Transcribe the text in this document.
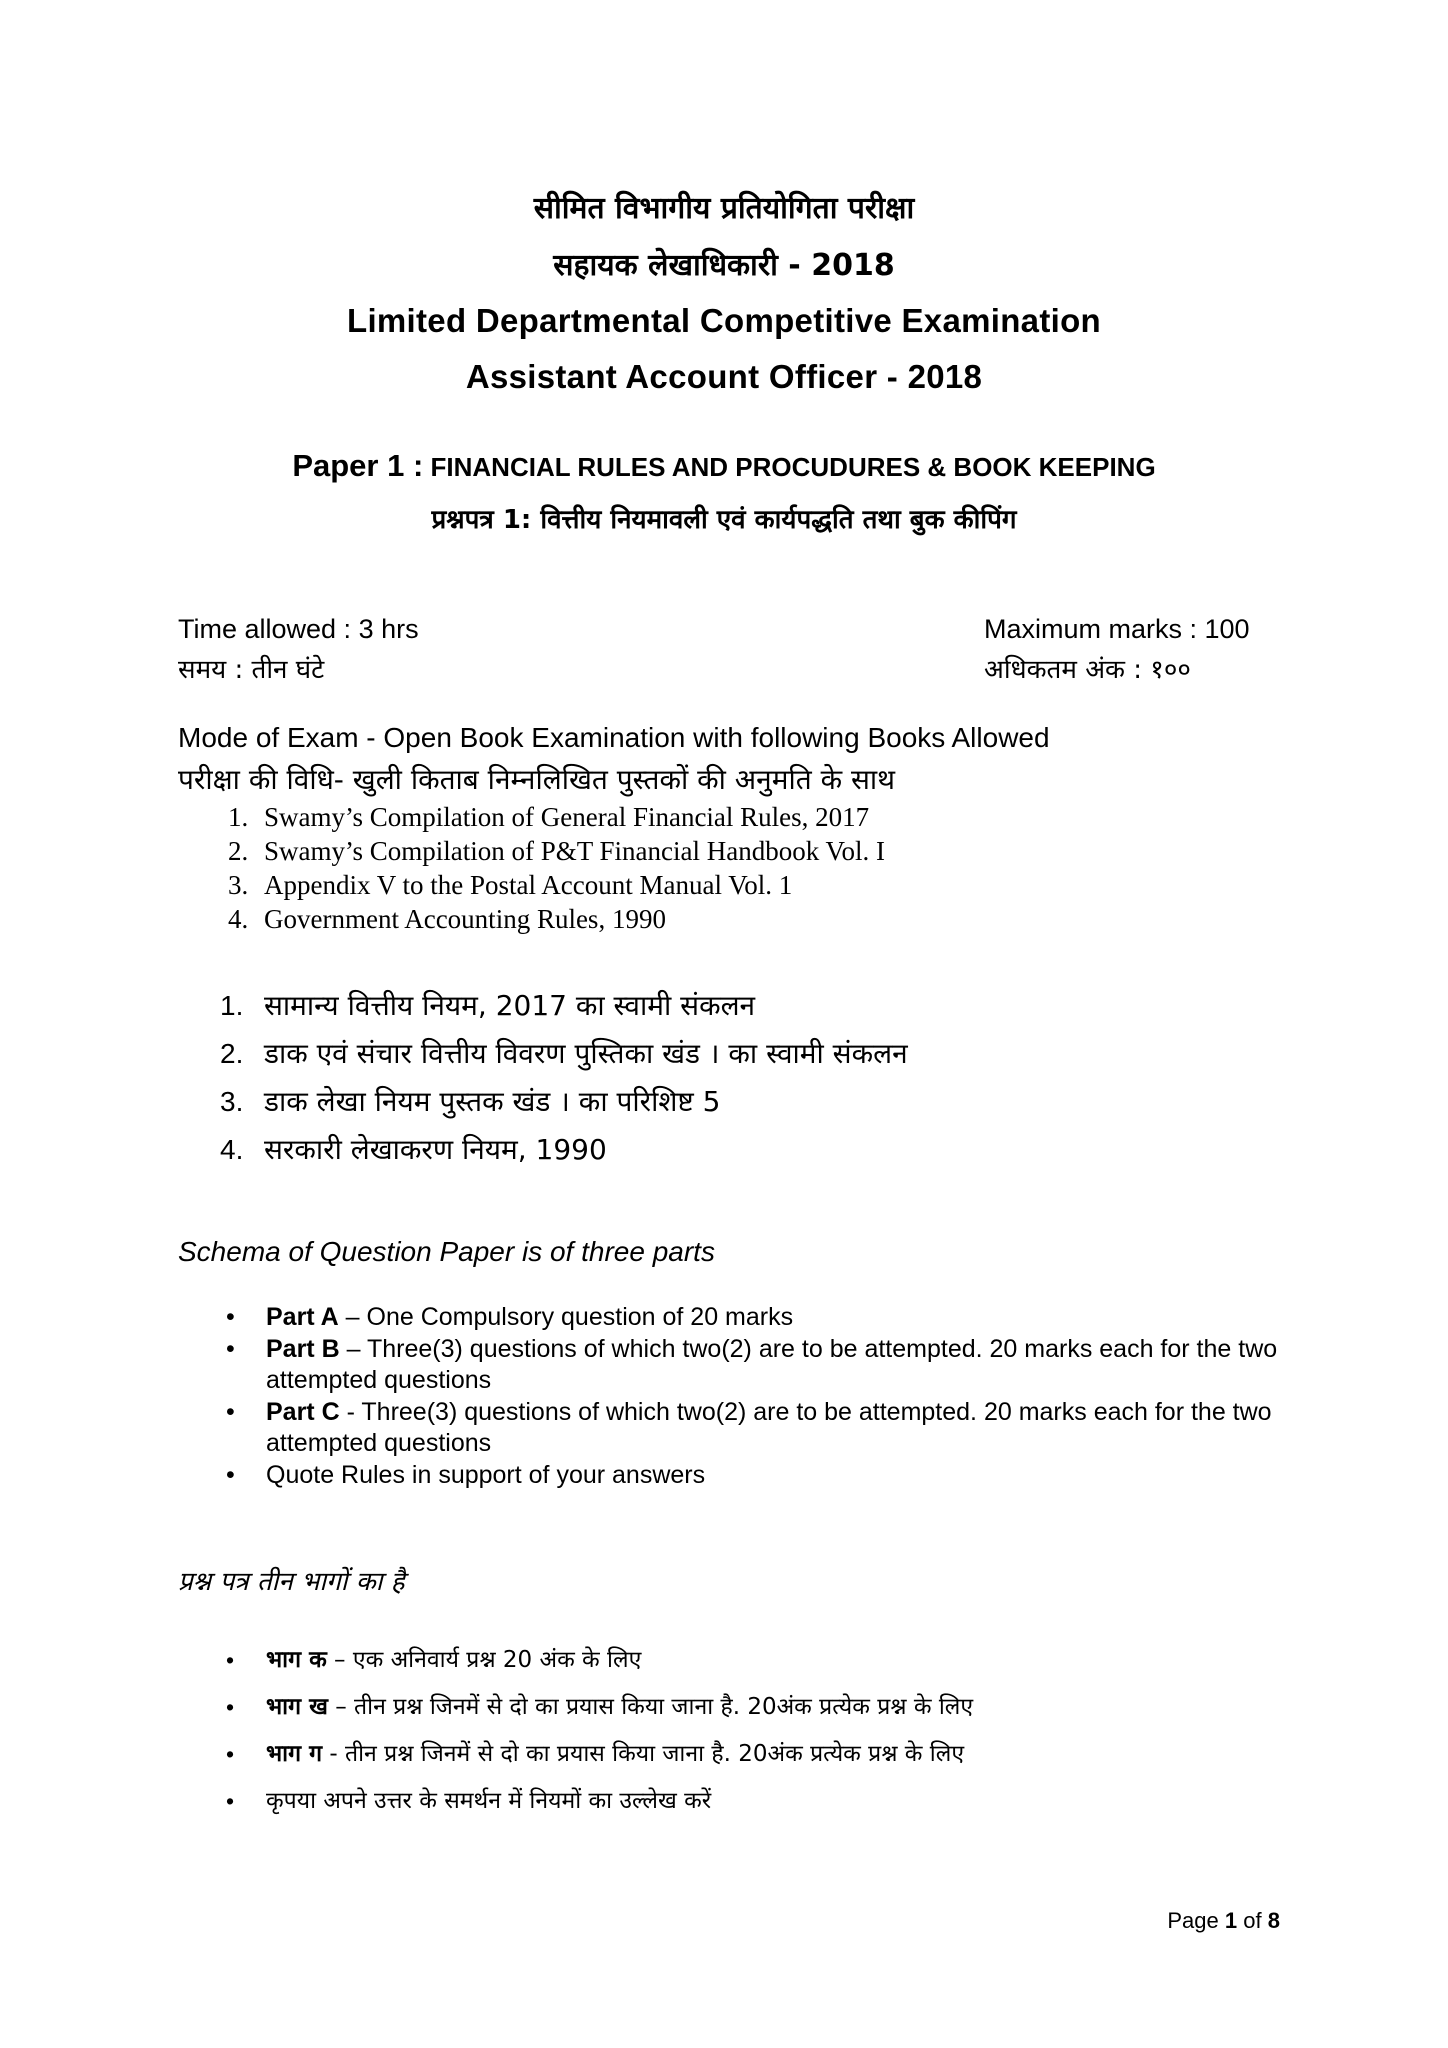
सीमित विभागीय प्रतियोगिता परीक्षा
सहायक लेखाधिकारी - 2018
Limited Departmental Competitive Examination
Assistant Account Officer - 2018
Paper 1 : FINANCIAL RULES AND PROCUDURES & BOOK KEEPING
प्रश्नपत्र 1: वित्तीय नियमावली एवं कार्यपद्धति तथा बुक कीपिंग
Time allowed : 3 hrs
समय : तीन घंटे
Maximum marks : 100
अधिकतम अंक : १००
Mode of Exam - Open Book Examination with following Books Allowed
परीक्षा की विधि- खुली किताब निम्नलिखित पुस्तकों की अनुमति के साथ
1. Swamy’s Compilation of General Financial Rules, 2017
2. Swamy’s Compilation of P&T Financial Handbook Vol. I
3. Appendix V to the Postal Account Manual Vol. 1
4. Government Accounting Rules, 1990
1. सामान्य वित्तीय नियम, 2017 का स्वामी संकलन
2. डाक एवं संचार वित्तीय विवरण पुस्तिका खंड । का स्वामी संकलन
3. डाक लेखा नियम पुस्तक खंड । का परिशिष्ट 5
4. सरकारी लेखाकरण नियम, 1990
Schema of Question Paper is of three parts
• Part A – One Compulsory question of 20 marks
• Part B – Three(3) questions of which two(2) are to be attempted. 20 marks each for the two attempted questions
• Part C - Three(3) questions of which two(2) are to be attempted. 20 marks each for the two attempted questions
• Quote Rules in support of your answers
प्रश्न पत्र तीन भागों का है
• भाग क – एक अनिवार्य प्रश्न 20 अंक के लिए
• भाग ख – तीन प्रश्न जिनमें से दो का प्रयास किया जाना है. 20अंक प्रत्येक प्रश्न के लिए
• भाग ग - तीन प्रश्न जिनमें से दो का प्रयास किया जाना है. 20अंक प्रत्येक प्रश्न के लिए
• कृपया अपने उत्तर के समर्थन में नियमों का उल्लेख करें
Page 1 of 8
